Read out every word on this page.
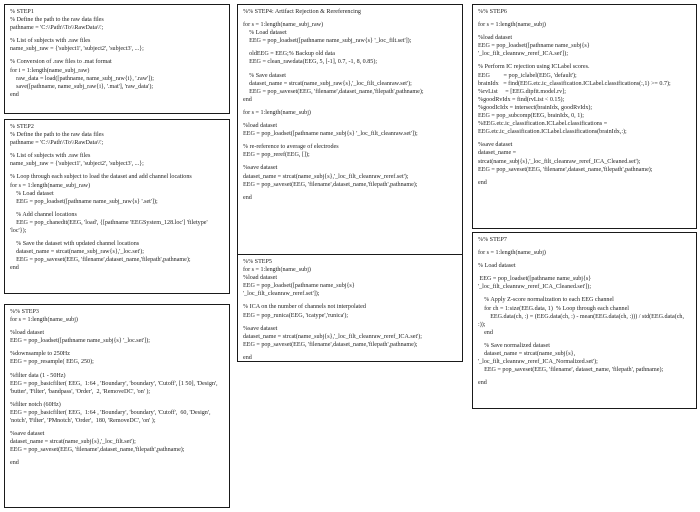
% STEP1
% Define the path to the raw data files
pathname = 'C:\\Path\\To\\RawData\\';
% List of subjects with .raw files
name_subj_raw = {'subject1', 'subject2', 'subject3', ...};
% Conversion of .raw files to .mat format
for i = 1:length(name_subj_raw)
raw_data = load([pathname, name_subj_raw{i}, '.raw']);
save([pathname, name_subj_raw{i}, '.mat'], 'raw_data');
end
% STEP2
% Define the path to the raw data files
pathname = 'C:\\Path\\To\\RawData\\';
% List of subjects with .raw files
name_subj_raw = {'subject1', 'subject2', 'subject3', ...};
% Loop through each subject to load the dataset and add channel locations
for s = 1:length(name_subj_raw)
% Load dataset
EEG = pop_loadset([pathname name_subj_raw{s} '.set']);
% Add channel locations
EEG = pop_chanedit(EEG, 'load', {[pathname 'EEGSystem_128.loc'] 'filetype' 'loc'});
% Save the dataset with updated channel locations
dataset_name = strcat(name_subj_raw{s},'_loc.set');
EEG = pop_saveset(EEG, 'filename',dataset_name,'filepath',pathname);
end
%% STEP3
for s = 1:length(name_subj)
%load dataset
EEG = pop_loadset([pathname name_subj{s} '_loc.set']);
%downsample to 250Hz
EEG = pop_resample( EEG, 250);
%filter data (1 - 50Hz)
EEG = pop_basicfilter( EEG,  1:64 , 'Boundary', 'boundary', 'Cutoff', [1 50], 'Design', 'butter', 'Filter', 'bandpass', 'Order',  2, 'RemoveDC', 'on' );
%filter notch (60Hz)
EEG = pop_basicfilter( EEG,  1:64 , 'Boundary', 'boundary', 'Cutoff',  60, 'Design', 'notch', 'Filter', 'PMnotch', 'Order',  180, 'RemoveDC', 'on' );
%save dataset
dataset_name = strcat(name_subj{s},'_loc_filt.set');
EEG = pop_saveset(EEG, 'filename',dataset_name,'filepath',pathname);
end
%% STEP4: Artifact Rejection & Rereferencing
for s = 1:length(name_subj_raw)
% Load dataset
EEG = pop_loadset([pathname name_subj_raw{s} '_loc_filt.set']);
oldEEG = EEG;% Backup old data
EEG = clean_rawdata(EEG, 5, [-1], 0.7, -1, 8, 0.85);
% Save dataset
dataset_name = strcat(name_subj_raw{s},'_loc_filt_cleanraw.set');
EEG = pop_saveset(EEG, 'filename',dataset_name,'filepath',pathname);
end
for s = 1:length(name_subj)
%load dataset
EEG = pop_loadset([pathname name_subj{s} '_loc_filt_cleanraw.set']);
% re-reference to average of electrodes
EEG = pop_reref(EEG, []);
%save dataset
dataset_name = strcat(name_subj{s},'_loc_filt_cleanraw_reref.set');
EEG = pop_saveset(EEG, 'filename',dataset_name,'filepath',pathname);
end
%% STEP5
for s = 1:length(name_subj)
%load dataset
EEG = pop_loadset([pathname name_subj{s}
'_loc_filt_cleanraw_reref.set']);
% ICA on the number of channels not interpolated
EEG = pop_runica(EEG, 'icatype','runica');
%save dataset
dataset_name = strcat(name_subj{s},'_loc_filt_cleanraw_reref_ICA.set');
EEG = pop_saveset(EEG, 'filename',dataset_name,'filepath',pathname);
end
%% STEP6
for s = 1:length(name_subj)
%load dataset
EEG = pop_loadset([pathname name_subj{s}
'_loc_filt_cleanraw_reref_ICA.set']);
% Perform IC rejection using ICLabel scores.
EEG         = pop_iclabel(EEG, 'default');
brainIdx   = find(EEG.etc.ic_classification.ICLabel.classifications(:,1) >= 0.7);
%rvList     = [EEG.dipfit.model.rv];
%goodRvIdx = find(rvList < 0.15);
%goodIcIdx = intersect(brainIdx, goodRvIdx);
EEG = pop_subcomp(EEG, brainIdx, 0, 1);
%EEG.etc.ic_classification.ICLabel.classifications =
EEG.etc.ic_classification.ICLabel.classifications(brainIdx,:);
%save dataset
dataset_name =
strcat(name_subj{s},'_loc_filt_cleanraw_reref_ICA_Cleaned.set');
EEG = pop_saveset(EEG, 'filename',dataset_name,'filepath',pathname);
end
%% STEP7
for s = 1:length(name_subj)
% Load dataset
EEG = pop_loadset([pathname name_subj{s}
'_loc_filt_cleanraw_reref_ICA_Cleaned.set']);
% Apply Z-score normalization to each EEG channel
for ch = 1:size(EEG.data, 1)  % Loop through each channel
EEG.data(ch, :) = (EEG.data(ch, :) - mean(EEG.data(ch, :))) / std(EEG.data(ch, :));
end
% Save normalized dataset
dataset_name = strcat(name_subj{s},
'_loc_filt_cleanraw_reref_ICA_Normalized.set');
EEG = pop_saveset(EEG, 'filename', dataset_name, 'filepath', pathname);
end
